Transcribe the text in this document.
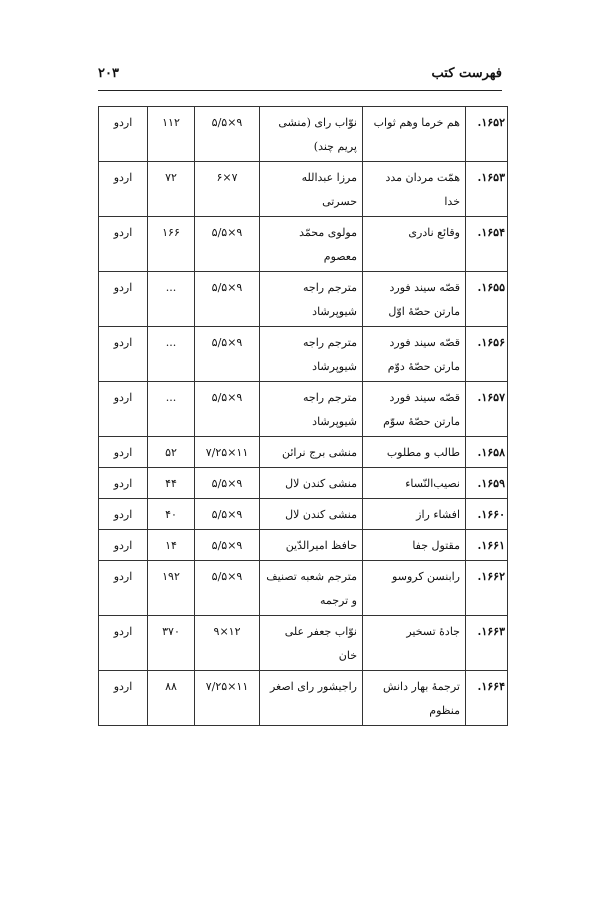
فهرست کتب
۲۰۳
۱۶۵۲.	هم خرما وهم ثواب	نوّاب رای (منشی پریم چند)	۹×۵/۵	۱۱۲	اردو
۱۶۵۳.	همّت مردان مدد خدا	مرزا عبدالله حسرتی	۷×۶	۷۲	اردو
۱۶۵۴.	وقائع نادری	مولوی محمّد معصوم	۹×۵/۵	۱۶۶	اردو
۱۶۵۵.	قصّه سیند فورد مارتن حصّۀ اوّل	مترجم راجه شیوپرشاد	۹×۵/۵	...	اردو
۱۶۵۶.	قصّه سیند فورد مارتن حصّۀ دوّم	مترجم راجه شیوپرشاد	۹×۵/۵	...	اردو
۱۶۵۷.	قصّه سیند فورد مارتن حصّۀ سوّم	مترجم راجه شیوپرشاد	۹×۵/۵	...	اردو
۱۶۵۸.	طالب و مطلوب	منشی برج نرائن	۱۱×۷/۲۵	۵۲	اردو
۱۶۵۹.	نصیب‌النّساء	منشی کندن لال	۹×۵/۵	۴۴	اردو
۱۶۶۰.	افشاء راز	منشی کندن لال	۹×۵/۵	۴۰	اردو
۱۶۶۱.	مقتول جفا	حافظ امیرالدّین	۹×۵/۵	۱۴	اردو
۱۶۶۲.	رابنسن کروسو	مترجم شعبه تصنیف و ترجمه	۹×۵/۵	۱۹۲	اردو
۱۶۶۳.	جادۀ تسخیر	نوّاب جعفر علی خان	۱۲×۹	۳۷۰	اردو
۱۶۶۴.	ترجمۀ بهار دانش منظوم	راجیشور رای اصغر	۱۱×۷/۲۵	۸۸	اردو
